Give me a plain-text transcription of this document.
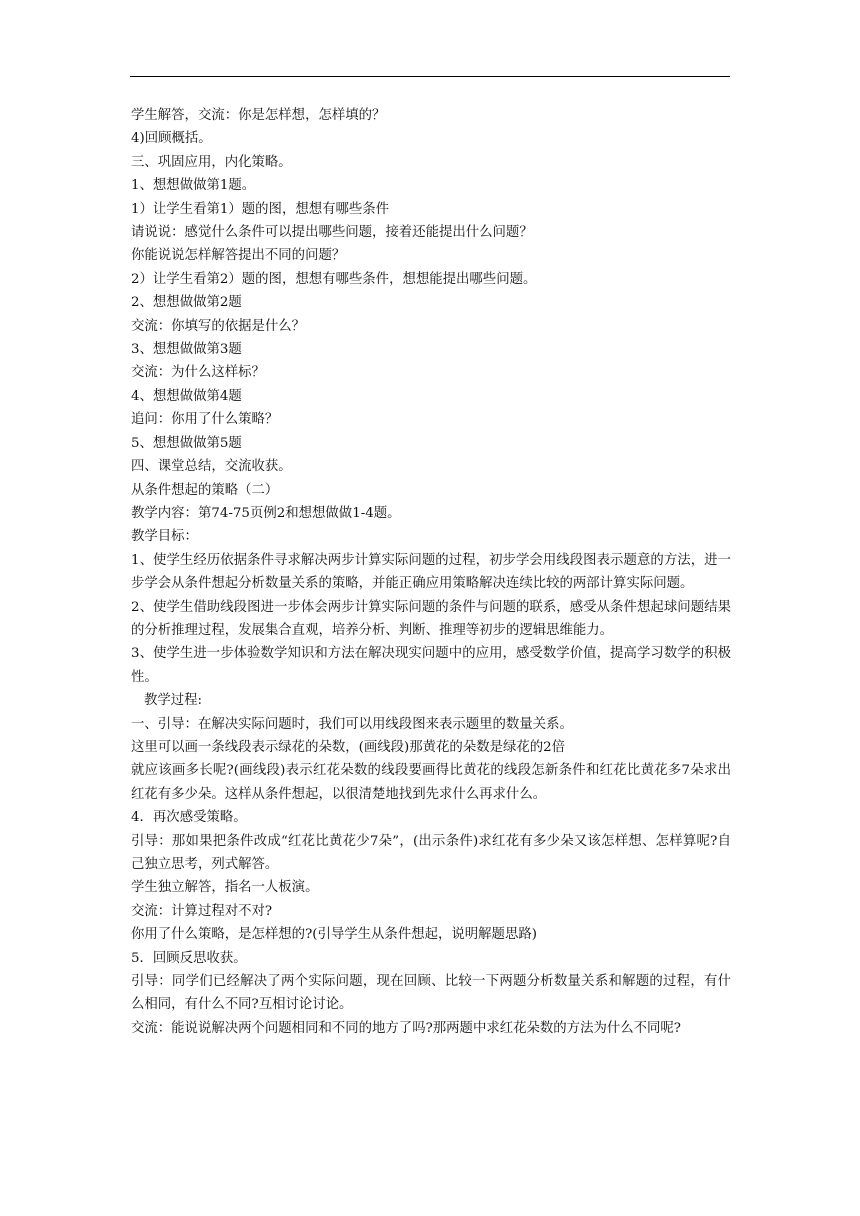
学生解答，交流：你是怎样想，怎样填的？

4)回顾概括。

三、巩固应用，内化策略。

1、想想做做第1题。

1）让学生看第1）题的图，想想有哪些条件

请说说：感觉什么条件可以提出哪些问题，接着还能提出什么问题？

你能说说怎样解答提出不同的问题？

2）让学生看第2）题的图，想想有哪些条件，想想能提出哪些问题。

2、想想做做第2题

交流：你填写的依据是什么？

3、想想做做第3题

交流：为什么这样标？

4、想想做做第4题

追问：你用了什么策略？

5、想想做做第5题

四、课堂总结，交流收获。

从条件想起的策略（二）

教学内容：第74-75页例2和想想做做1-4题。

教学目标：

1、使学生经历依据条件寻求解决两步计算实际问题的过程，初步学会用线段图表示题意的方法，进一步学会从条件想起分析数量关系的策略，并能正确应用策略解决连续比较的两部计算实际问题。

2、使学生借助线段图进一步体会两步计算实际问题的条件与问题的联系，感受从条件想起球问题结果的分析推理过程，发展集合直观，培养分析、判断、推理等初步的逻辑思维能力。

3、使学生进一步体验数学知识和方法在解决现实问题中的应用，感受数学价值，提高学习数学的积极性。

教学过程:

一、引导：在解决实际问题时，我们可以用线段图来表示题里的数量关系。

这里可以画一条线段表示绿花的朵数，(画线段)那黄花的朵数是绿花的2倍

就应该画多长呢?(画线段)表示红花朵数的线段要画得比黄花的线段怎新条件和红花比黄花多7朵求出红花有多少朵。这样从条件想起，以很清楚地找到先求什么再求什么。

4．再次感受策略。

引导：那如果把条件改成“红花比黄花少7朵”，(出示条件)求红花有多少朵又该怎样想、怎样算呢?自己独立思考，列式解答。

学生独立解答，指名一人板演。

交流：计算过程对不对?

你用了什么策略，是怎样想的?(引导学生从条件想起，说明解题思路)

5．回顾反思收获。

引导：同学们已经解决了两个实际问题，现在回顾、比较一下两题分析数量关系和解题的过程，有什么相同，有什么不同?互相讨论讨论。

交流：能说说解决两个问题相同和不同的地方了吗?那两题中求红花朵数的方法为什么不同呢?
